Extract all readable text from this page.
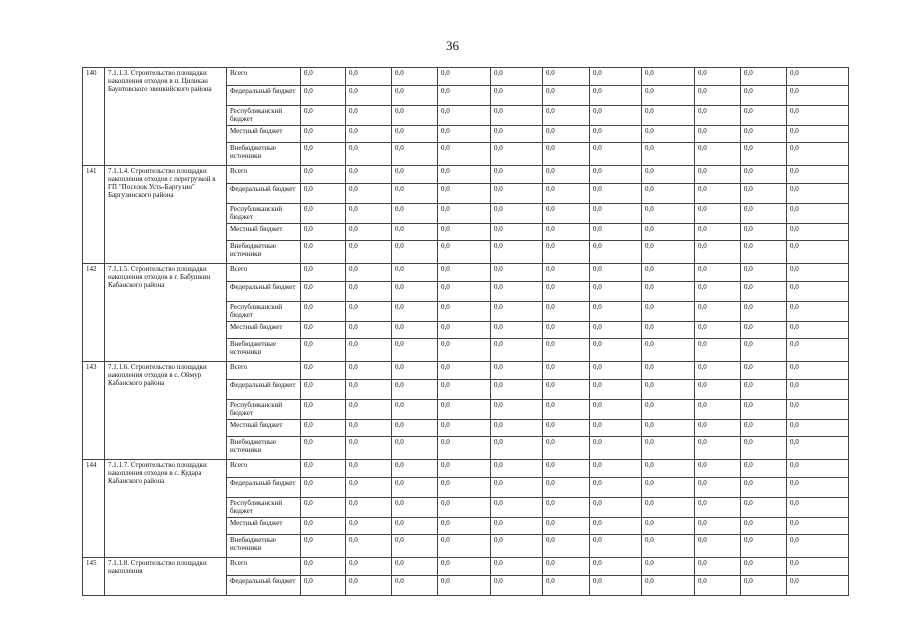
36
140	7.1.1.3. Строительство площадки накопления отходов в п. Циликан Баунтовского эвенкийского района	Всего	0,0	0,0	0,0	0,0	0,0	0,0	0,0	0,0	0,0	0,0	0,0
		Федеральный бюджет	0,0	0,0	0,0	0,0	0,0	0,0	0,0	0,0	0,0	0,0	0,0
		Республиканский бюджет	0,0	0,0	0,0	0,0	0,0	0,0	0,0	0,0	0,0	0,0	0,0
		Местный бюджет	0,0	0,0	0,0	0,0	0,0	0,0	0,0	0,0	0,0	0,0	0,0
		Внебюджетные источники	0,0	0,0	0,0	0,0	0,0	0,0	0,0	0,0	0,0	0,0	0,0
141	7.1.1.4. Строительство площадки накопления отходов с перегрузкой в ГП "Поселок Усть-Баргузин" Баргузинского района	Всего	0,0	0,0	0,0	0,0	0,0	0,0	0,0	0,0	0,0	0,0	0,0
		Федеральный бюджет	0,0	0,0	0,0	0,0	0,0	0,0	0,0	0,0	0,0	0,0	0,0
		Республиканский бюджет	0,0	0,0	0,0	0,0	0,0	0,0	0,0	0,0	0,0	0,0	0,0
		Местный бюджет	0,0	0,0	0,0	0,0	0,0	0,0	0,0	0,0	0,0	0,0	0,0
		Внебюджетные источники	0,0	0,0	0,0	0,0	0,0	0,0	0,0	0,0	0,0	0,0	0,0
142	7.1.1.5. Строительство площадки накопления отходов в г. Бабушкин Кабанского района	Всего	0,0	0,0	0,0	0,0	0,0	0,0	0,0	0,0	0,0	0,0	0,0
		Федеральный бюджет	0,0	0,0	0,0	0,0	0,0	0,0	0,0	0,0	0,0	0,0	0,0
		Республиканский бюджет	0,0	0,0	0,0	0,0	0,0	0,0	0,0	0,0	0,0	0,0	0,0
		Местный бюджет	0,0	0,0	0,0	0,0	0,0	0,0	0,0	0,0	0,0	0,0	0,0
		Внебюджетные источники	0,0	0,0	0,0	0,0	0,0	0,0	0,0	0,0	0,0	0,0	0,0
143	7.1.1.6. Строительство площадки накопления отходов в с. Оймур Кабанского района	Всего	0,0	0,0	0,0	0,0	0,0	0,0	0,0	0,0	0,0	0,0	0,0
		Федеральный бюджет	0,0	0,0	0,0	0,0	0,0	0,0	0,0	0,0	0,0	0,0	0,0
		Республиканский бюджет	0,0	0,0	0,0	0,0	0,0	0,0	0,0	0,0	0,0	0,0	0,0
		Местный бюджет	0,0	0,0	0,0	0,0	0,0	0,0	0,0	0,0	0,0	0,0	0,0
		Внебюджетные источники	0,0	0,0	0,0	0,0	0,0	0,0	0,0	0,0	0,0	0,0	0,0
144	7.1.1.7. Строительство площадки накопления отходов в с. Кудара Кабанского района	Всего	0,0	0,0	0,0	0,0	0,0	0,0	0,0	0,0	0,0	0,0	0,0
		Федеральный бюджет	0,0	0,0	0,0	0,0	0,0	0,0	0,0	0,0	0,0	0,0	0,0
		Республиканский бюджет	0,0	0,0	0,0	0,0	0,0	0,0	0,0	0,0	0,0	0,0	0,0
		Местный бюджет	0,0	0,0	0,0	0,0	0,0	0,0	0,0	0,0	0,0	0,0	0,0
		Внебюджетные источники	0,0	0,0	0,0	0,0	0,0	0,0	0,0	0,0	0,0	0,0	0,0
145	7.1.1.8. Строительство площадки накопления	Всего	0,0	0,0	0,0	0,0	0,0	0,0	0,0	0,0	0,0	0,0	0,0
		Федеральный бюджет	0,0	0,0	0,0	0,0	0,0	0,0	0,0	0,0	0,0	0,0	0,0
